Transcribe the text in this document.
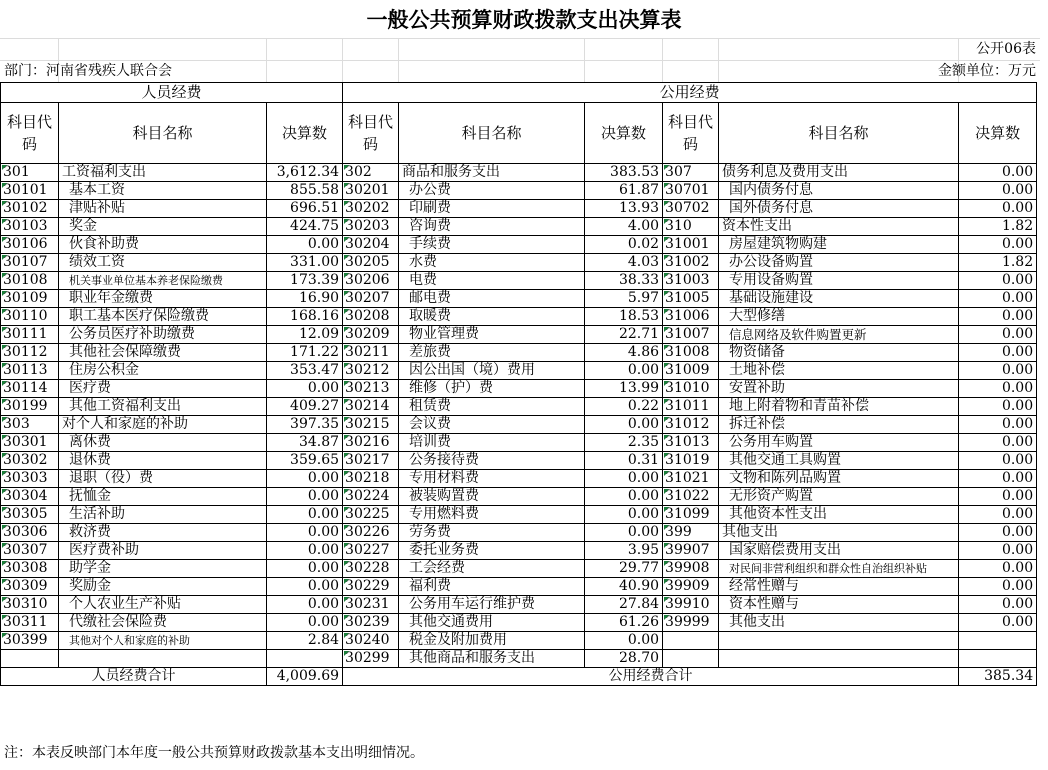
一般公共预算财政拨款支出决算表
公开06表
部门：河南省残疾人联合会	金额单位：万元
人员经费			公用经费					
科目代码	科目名称	决算数	科目代码	科目名称	决算数	科目代码	科目名称	决算数
301	工资福利支出	3,612.34	302	商品和服务支出	383.53	307	债务利息及费用支出	0.00
30101	基本工资	855.58	30201	办公费	61.87	30701	国内债务付息	0.00
30102	津贴补贴	696.51	30202	印刷费	13.93	30702	国外债务付息	0.00
30103	奖金	424.75	30203	咨询费	4.00	310	资本性支出	1.82
30106	伙食补助费	0.00	30204	手续费	0.02	31001	房屋建筑物购建	0.00
30107	绩效工资	331.00	30205	水费	4.03	31002	办公设备购置	1.82
30108	机关事业单位基本养老保险缴费	173.39	30206	电费	38.33	31003	专用设备购置	0.00
30109	职业年金缴费	16.90	30207	邮电费	5.97	31005	基础设施建设	0.00
30110	职工基本医疗保险缴费	168.16	30208	取暖费	18.53	31006	大型修缮	0.00
30111	公务员医疗补助缴费	12.09	30209	物业管理费	22.71	31007	信息网络及软件购置更新	0.00
30112	其他社会保障缴费	171.22	30211	差旅费	4.86	31008	物资储备	0.00
30113	住房公积金	353.47	30212	因公出国（境）费用	0.00	31009	土地补偿	0.00
30114	医疗费	0.00	30213	维修（护）费	13.99	31010	安置补助	0.00
30199	其他工资福利支出	409.27	30214	租赁费	0.22	31011	地上附着物和青苗补偿	0.00
303	对个人和家庭的补助	397.35	30215	会议费	0.00	31012	拆迁补偿	0.00
30301	离休费	34.87	30216	培训费	2.35	31013	公务用车购置	0.00
30302	退休费	359.65	30217	公务接待费	0.31	31019	其他交通工具购置	0.00
30303	退职（役）费	0.00	30218	专用材料费	0.00	31021	文物和陈列品购置	0.00
30304	抚恤金	0.00	30224	被装购置费	0.00	31022	无形资产购置	0.00
30305	生活补助	0.00	30225	专用燃料费	0.00	31099	其他资本性支出	0.00
30306	救济费	0.00	30226	劳务费	0.00	399	其他支出	0.00
30307	医疗费补助	0.00	30227	委托业务费	3.95	39907	国家赔偿费用支出	0.00
30308	助学金	0.00	30228	工会经费	29.77	39908	对民间非营利组织和群众性自治组织补贴	0.00
30309	奖励金	0.00	30229	福利费	40.90	39909	经常性赠与	0.00
30310	个人农业生产补贴	0.00	30231	公务用车运行维护费	27.84	39910	资本性赠与	0.00
30311	代缴社会保险费	0.00	30239	其他交通费用	61.26	39999	其他支出	0.00
30399	其他对个人和家庭的补助	2.84	30240	税金及附加费用	0.00			
			30299	其他商品和服务支出	28.70			
人员经费合计		4,009.69	公用经费合计					385.34
注：本表反映部门本年度一般公共预算财政拨款基本支出明细情况。
